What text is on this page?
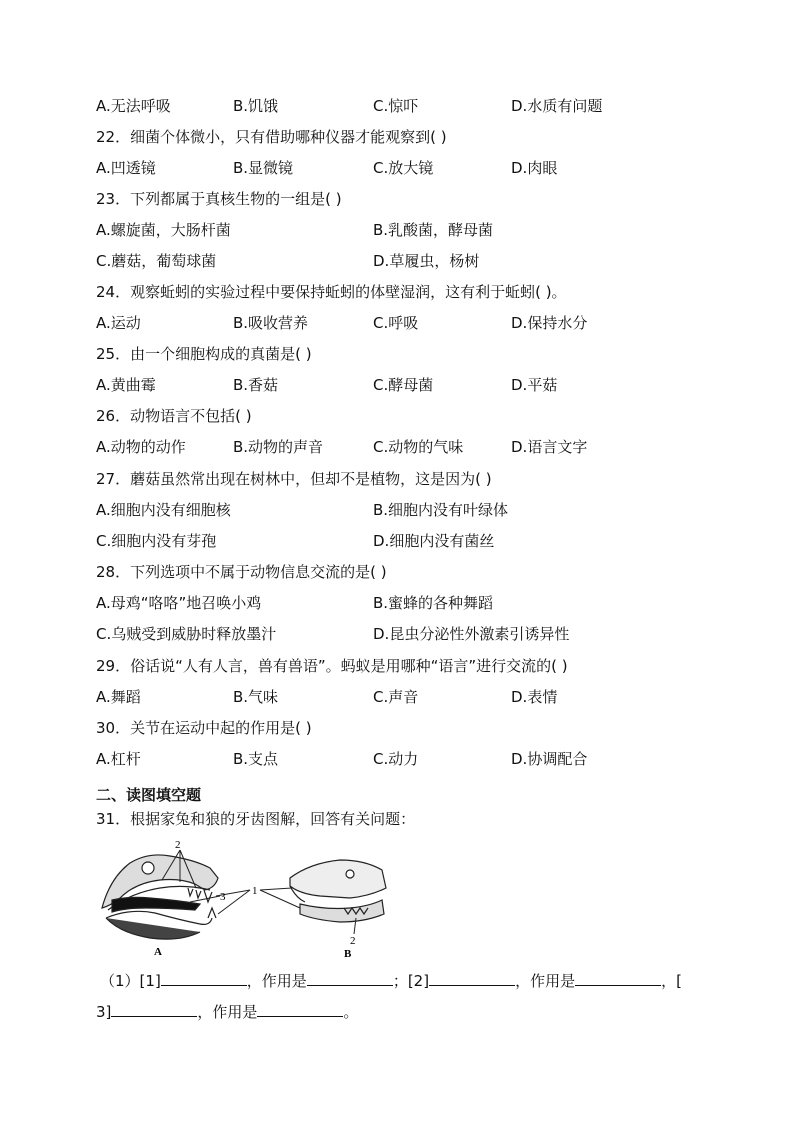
A.无法呼吸	B.饥饿	C.惊吓	D.水质有问题
22．细菌个体微小，只有借助哪种仪器才能观察到( )
A.凹透镜	B.显微镜	C.放大镜	D.肉眼
23．下列都属于真核生物的一组是( )
A.螺旋菌，大肠杆菌	B.乳酸菌，酵母菌
C.蘑菇，葡萄球菌	D.草履虫，杨树
24．观察蚯蚓的实验过程中要保持蚯蚓的体壁湿润，这有利于蚯蚓( )。
A.运动	B.吸收营养	C.呼吸	D.保持水分
25．由一个细胞构成的真菌是( )
A.黄曲霉	B.香菇	C.酵母菌	D.平菇
26．动物语言不包括( )
A.动物的动作	B.动物的声音	C.动物的气味	D.语言文字
27．蘑菇虽然常出现在树林中，但却不是植物，这是因为( )
A.细胞内没有细胞核	B.细胞内没有叶绿体
C.细胞内没有芽孢	D.细胞内没有菌丝
28．下列选项中不属于动物信息交流的是( )
A.母鸡“咯咯”地召唤小鸡	B.蜜蜂的各种舞蹈
C.乌贼受到威胁时释放墨汁	D.昆虫分泌性外激素引诱异性
29．俗话说“人有人言，兽有兽语”。蚂蚁是用哪种“语言”进行交流的( )
A.舞蹈	B.气味	C.声音	D.表情
30．关节在运动中起的作用是( )
A.杠杆	B.支点	C.动力	D.协调配合
二、读图填空题
31．根据家兔和狼的牙齿图解，回答有关问题：
2
3 1
A
2
B
（1）[1]	，作用是	；[2]	，作用是	，[
3]	，作用是	。
